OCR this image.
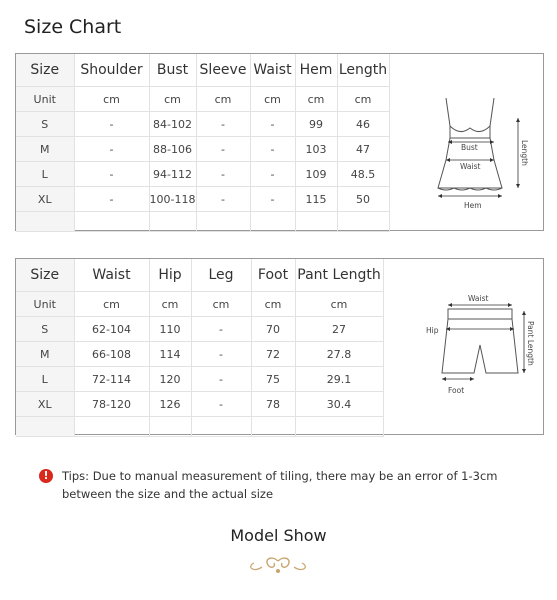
Size Chart
Size	Shoulder	Bust	Sleeve	Waist	Hem	Length
Unit	cm	cm	cm	cm	cm	cm
S	-	84-102	-	-	99	46
M	-	88-106	-	-	103	47
L	-	94-112	-	-	109	48.5
XL	-	100-118	-	-	115	50

Bust
Waist
Hem
Length
Size	Waist	Hip	Leg	Foot	Pant Length
Unit	cm	cm	cm	cm	cm
S	62-104	110	-	70	27
M	66-108	114	-	72	27.8
L	72-114	120	-	75	29.1
XL	78-120	126	-	78	30.4

Waist
Hip
Foot
Pant Length
!	Tips: Due to manual measurement of tiling, there may be an error of 1-3cm between the size and the actual size
Model Show
